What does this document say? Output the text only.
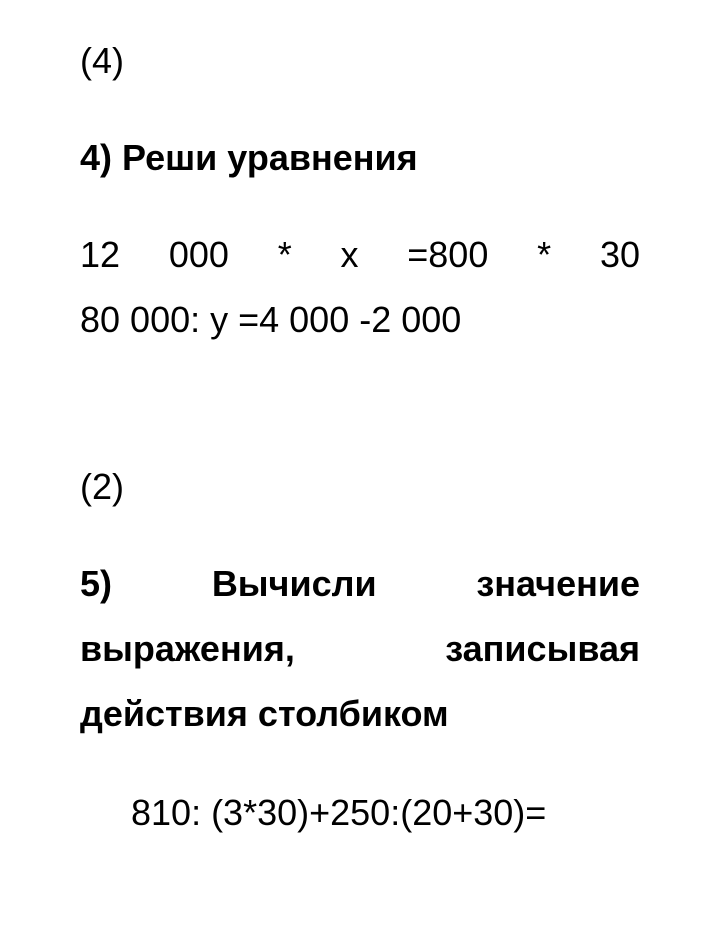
(4)
4) Реши уравнения
12 000 * x =800 * 30
80 000: у =4 000 -2 000
(2)
5)	Вычисли	значение
выражения,	записывая
действия столбиком
810: (3*30)+250:(20+30)=
